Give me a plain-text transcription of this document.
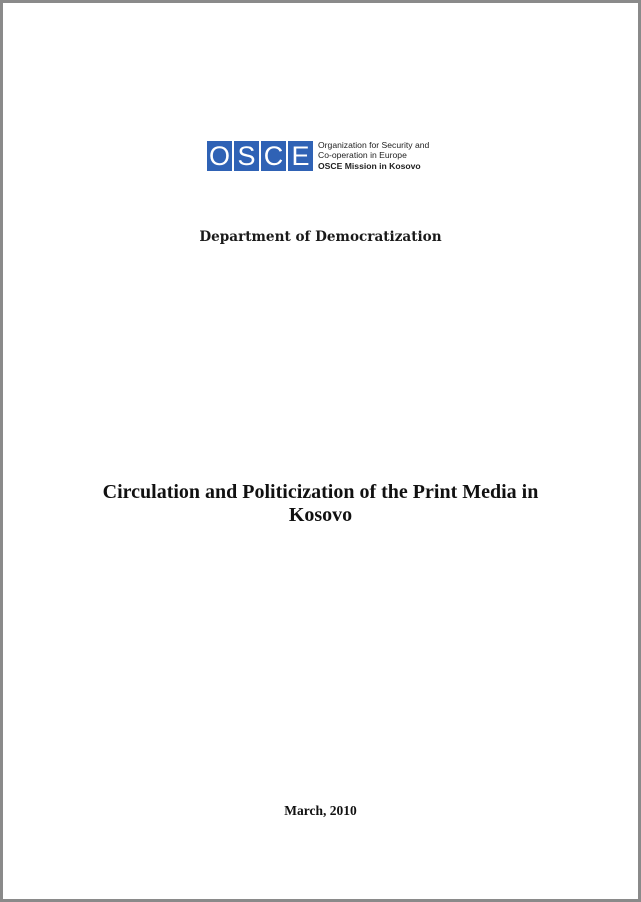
O S C E Organization for Security and
Co-operation in Europe
OSCE Mission in Kosovo
Department of Democratization
Circulation and Politicization of the Print Media in
Kosovo
March, 2010
